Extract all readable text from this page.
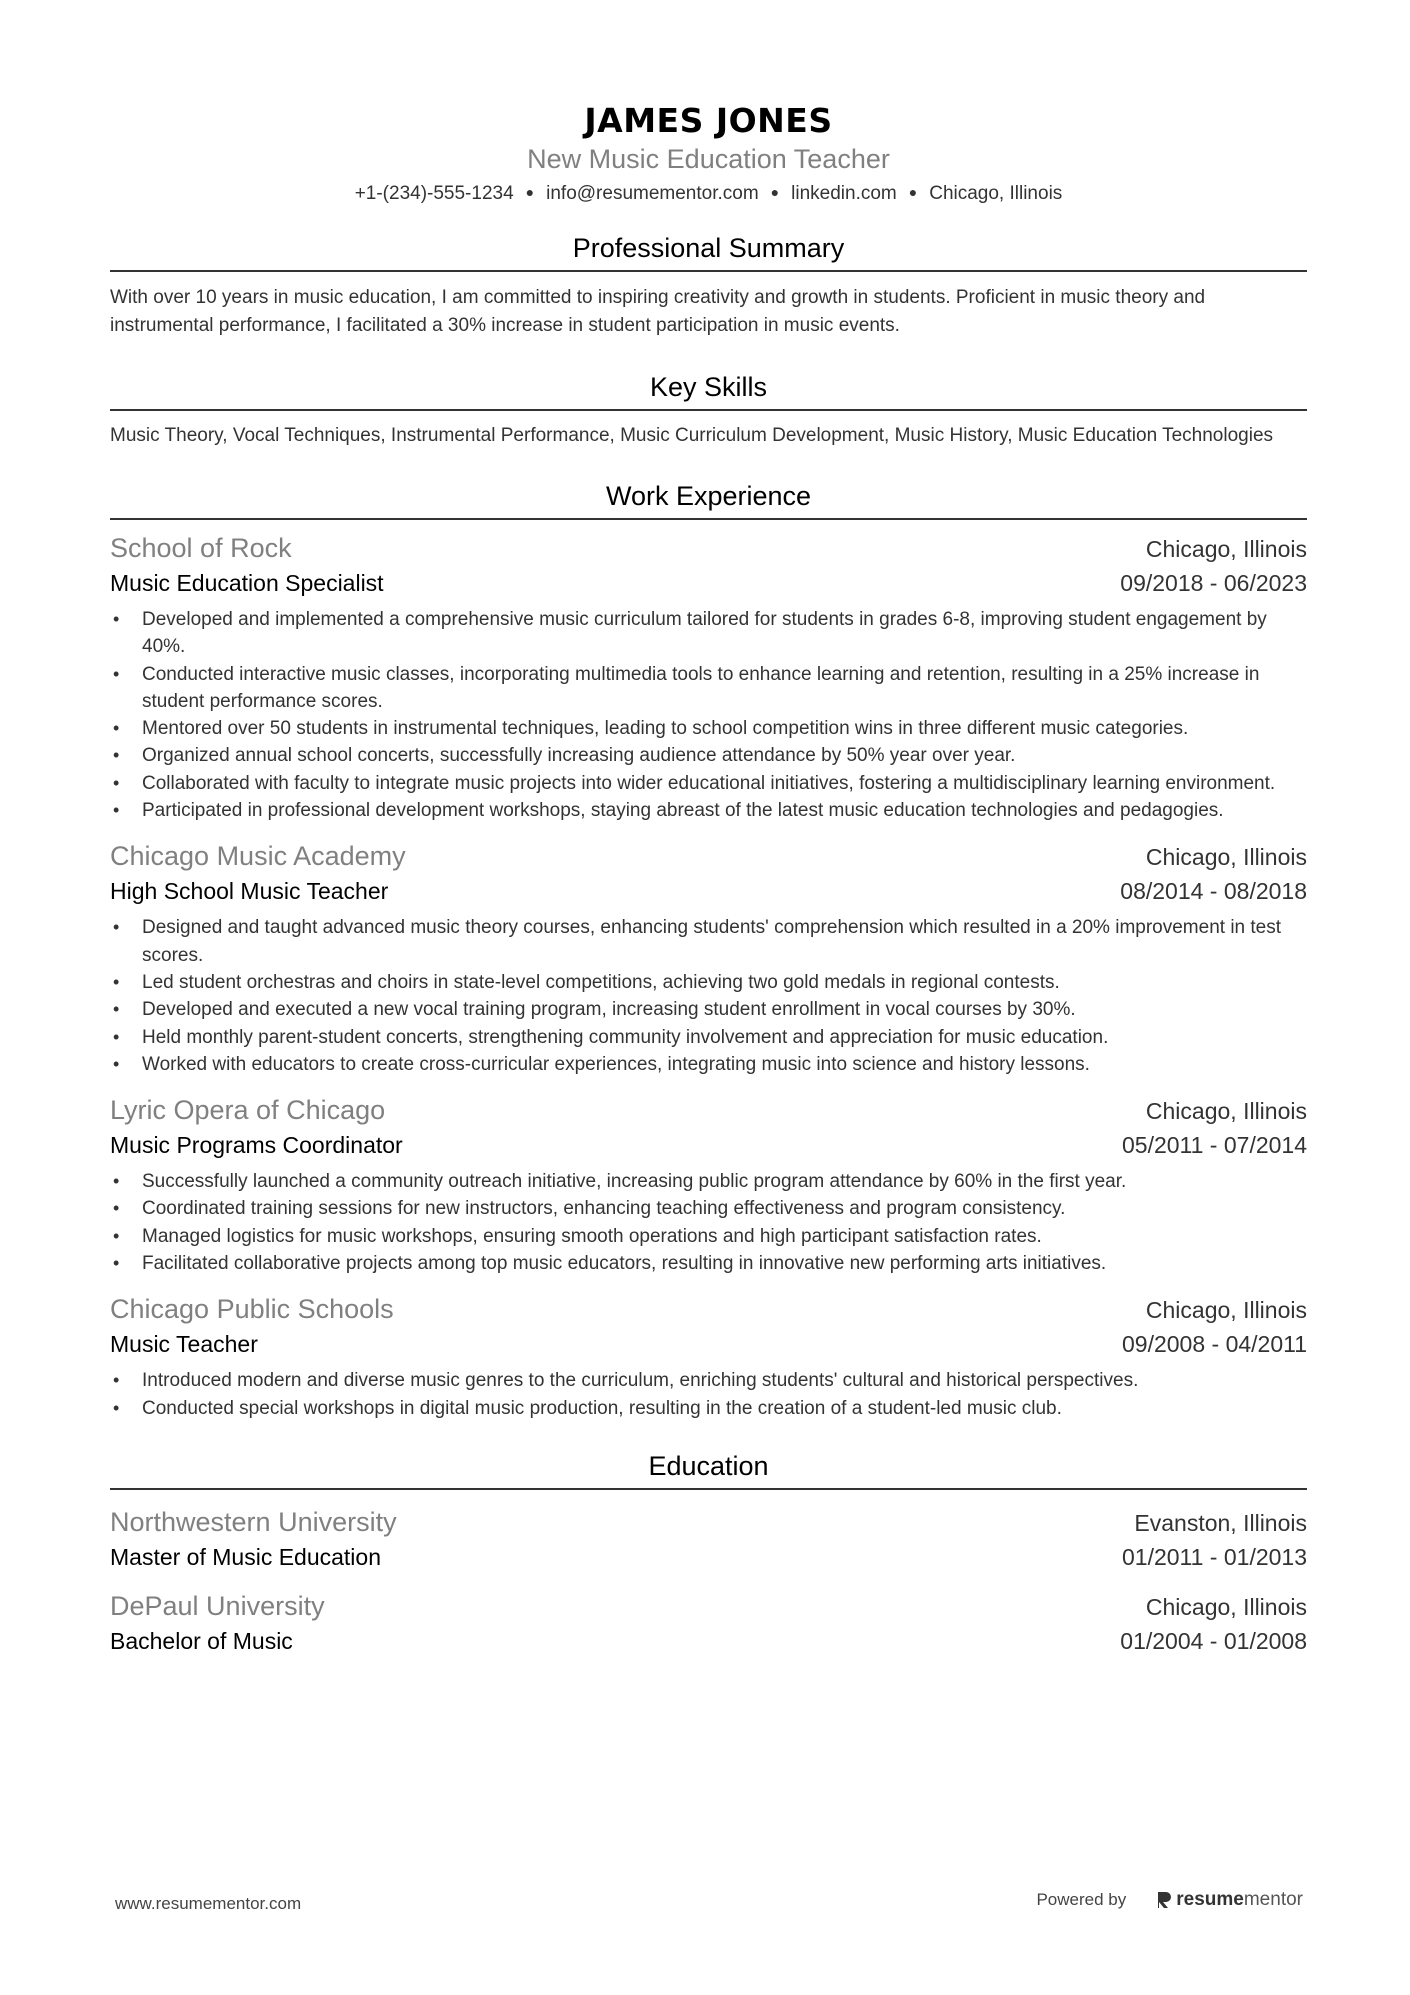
JAMES JONES
New Music Education Teacher
+1-(234)-555-1234 ● info@resumementor.com ● linkedin.com ● Chicago, Illinois
Professional Summary
With over 10 years in music education, I am committed to inspiring creativity and growth in students. Proficient in music theory and instrumental performance, I facilitated a 30% increase in student participation in music events.
Key Skills
Music Theory, Vocal Techniques, Instrumental Performance, Music Curriculum Development, Music History, Music Education Technologies
Work Experience
School of Rock	Chicago, Illinois
Music Education Specialist	09/2018 - 06/2023
• Developed and implemented a comprehensive music curriculum tailored for students in grades 6-8, improving student engagement by 40%.
• Conducted interactive music classes, incorporating multimedia tools to enhance learning and retention, resulting in a 25% increase in student performance scores.
• Mentored over 50 students in instrumental techniques, leading to school competition wins in three different music categories.
• Organized annual school concerts, successfully increasing audience attendance by 50% year over year.
• Collaborated with faculty to integrate music projects into wider educational initiatives, fostering a multidisciplinary learning environment.
• Participated in professional development workshops, staying abreast of the latest music education technologies and pedagogies.
Chicago Music Academy	Chicago, Illinois
High School Music Teacher	08/2014 - 08/2018
• Designed and taught advanced music theory courses, enhancing students' comprehension which resulted in a 20% improvement in test scores.
• Led student orchestras and choirs in state-level competitions, achieving two gold medals in regional contests.
• Developed and executed a new vocal training program, increasing student enrollment in vocal courses by 30%.
• Held monthly parent-student concerts, strengthening community involvement and appreciation for music education.
• Worked with educators to create cross-curricular experiences, integrating music into science and history lessons.
Lyric Opera of Chicago	Chicago, Illinois
Music Programs Coordinator	05/2011 - 07/2014
• Successfully launched a community outreach initiative, increasing public program attendance by 60% in the first year.
• Coordinated training sessions for new instructors, enhancing teaching effectiveness and program consistency.
• Managed logistics for music workshops, ensuring smooth operations and high participant satisfaction rates.
• Facilitated collaborative projects among top music educators, resulting in innovative new performing arts initiatives.
Chicago Public Schools	Chicago, Illinois
Music Teacher	09/2008 - 04/2011
• Introduced modern and diverse music genres to the curriculum, enriching students' cultural and historical perspectives.
• Conducted special workshops in digital music production, resulting in the creation of a student-led music club.
Education
Northwestern University	Evanston, Illinois
Master of Music Education	01/2011 - 01/2013
DePaul University	Chicago, Illinois
Bachelor of Music	01/2004 - 01/2008
www.resumementor.com	Powered by	resume mentor
